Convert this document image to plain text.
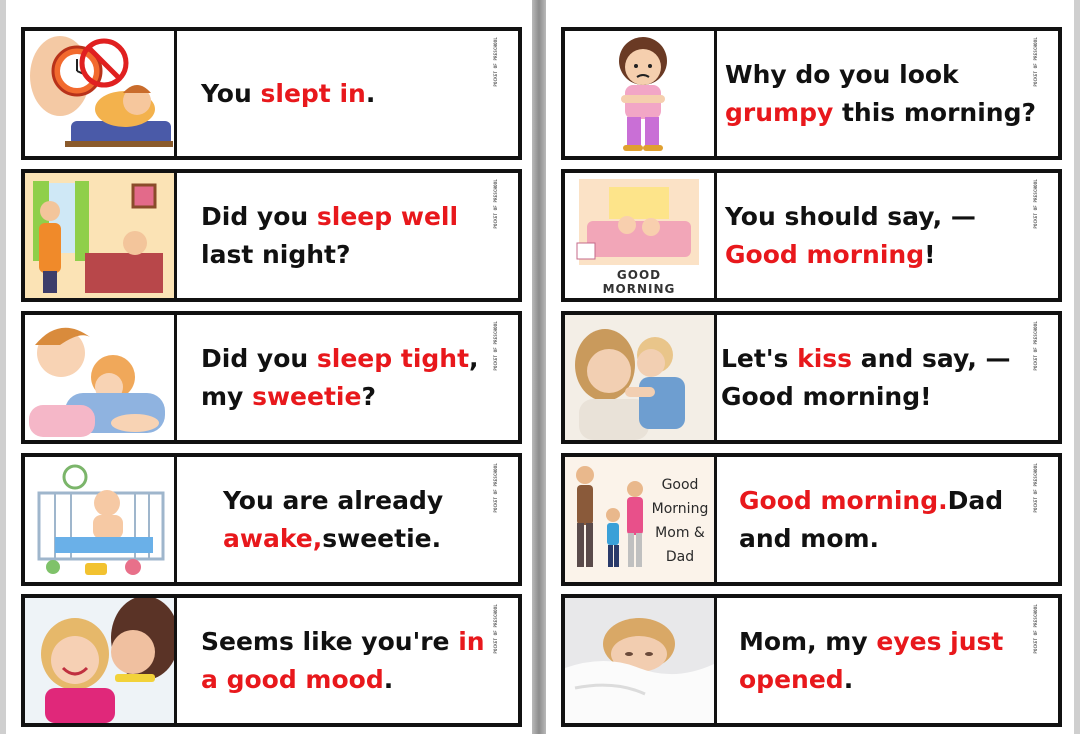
You slept in.
POCKET OF PRESCHOOL
Did you sleep well last night?
POCKET OF PRESCHOOL
Did you sleep tight, my sweetie?
POCKET OF PRESCHOOL
You are already awake,sweetie.
POCKET OF PRESCHOOL
Seems like you're in a good mood.
POCKET OF PRESCHOOL
Why do you look grumpy this morning?
POCKET OF PRESCHOOL
GOOD
MORNING
You should say, —Good morning!
POCKET OF PRESCHOOL
Let's kiss and say, —Good morning!
POCKET OF PRESCHOOL
Good
Morning
Mom &
Dad
Good morning.Dad and mom.
POCKET OF PRESCHOOL
Mom, my eyes just opened.
POCKET OF PRESCHOOL
